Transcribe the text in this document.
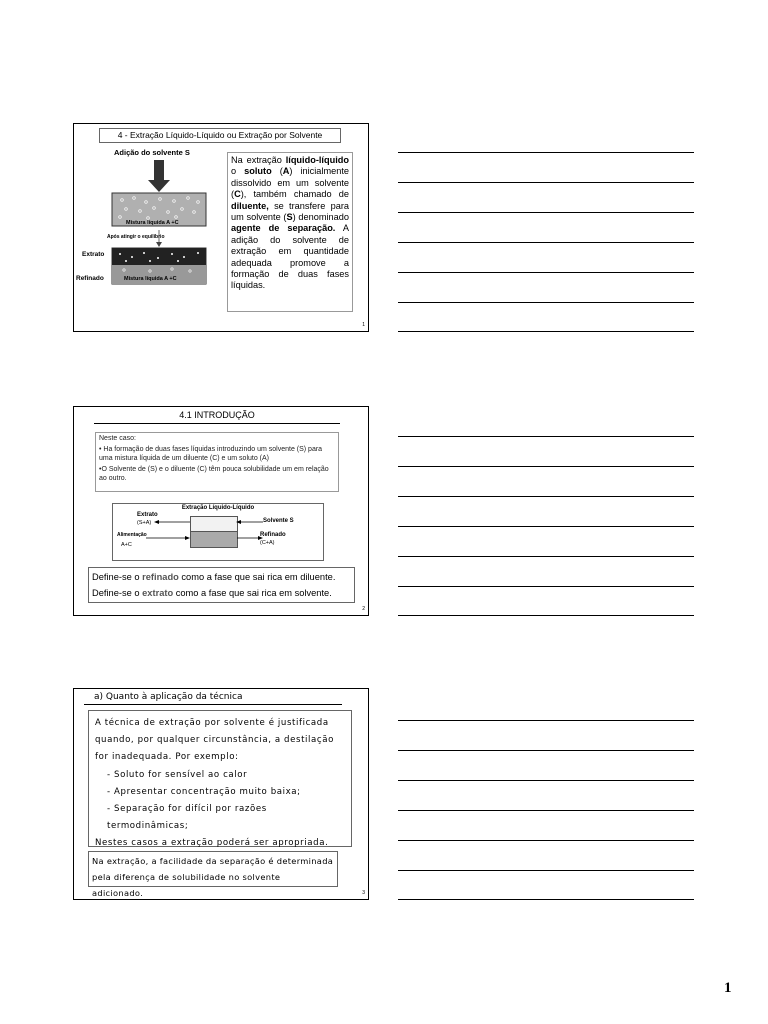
4 - Extração Líquido-Líquido ou Extração por Solvente
Adição do solvente S
Mistura líquida A +C
Mistura líquida A +C
Após atingir o equilíbrio
Extrato
Refinado
Na extração líquido-líquido o soluto (A) inicialmente dissolvido em um solvente (C), também chamado de diluente, se transfere para um solvente (S) denominado agente de separação. A adição do solvente de extração em quantidade adequada promove a formação de duas fases líquidas.
1
4.1 INTRODUÇÃO
Neste caso:
• Ha formação de duas fases líquidas introduzindo um solvente (S) para uma mistura líquida de um diluente (C) e um soluto (A)
•O Solvente de (S) e o diluente (C) têm pouca solubilidade um em relação ao outro.
Extração Líquido-Líquido
Extrato
(S+A)
Alimentação
A+C
Solvente S
Refinado
(C+A)
Define-se o refinado como a fase que sai rica em diluente.
Define-se o extrato como a fase que sai rica em solvente.
2
a) Quanto à aplicação da técnica
A técnica de extração por solvente é justificada quando, por qualquer circunstância, a destilação for inadequada. Por exemplo:
- Soluto for sensível ao calor
- Apresentar concentração muito baixa;
- Separação for difícil por razões termodinâmicas;
Nestes casos a extração poderá ser apropriada.
Na extração, a facilidade da separação é determinada pela diferença de solubilidade no solvente adicionado.	3
1
